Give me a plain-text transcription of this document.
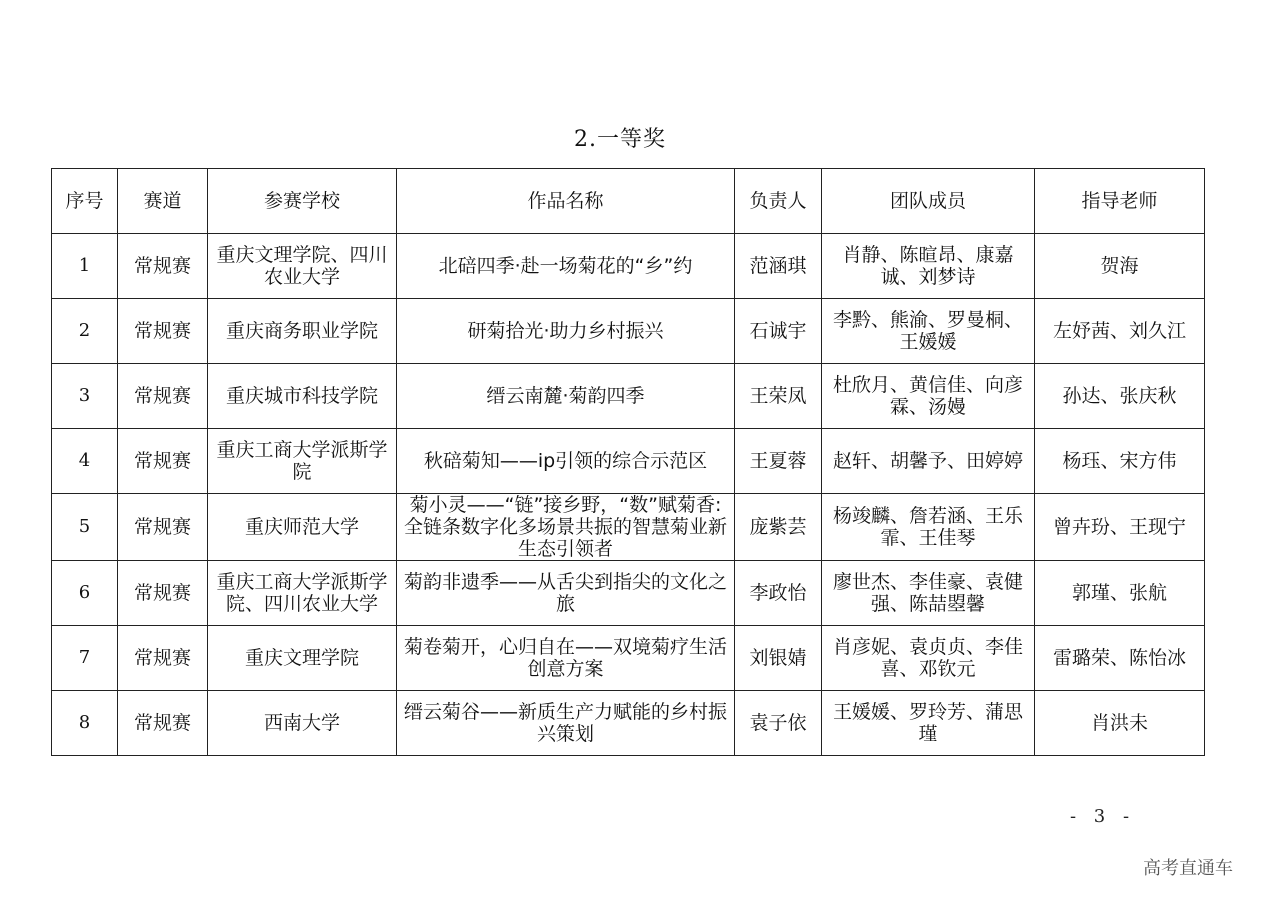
2.一等奖
序号	赛道	参赛学校	作品名称	负责人	团队成员	指导老师
1	常规赛	重庆文理学院、四川农业大学	北碚四季·赴一场菊花的“乡”约	范涵琪	肖静、陈暄昂、康嘉诚、刘梦诗	贺海
2	常规赛	重庆商务职业学院	研菊拾光·助力乡村振兴	石诚宇	李黔、熊渝、罗曼桐、王媛媛	左妤茜、刘久江
3	常规赛	重庆城市科技学院	缙云南麓·菊韵四季	王荣凤	杜欣月、黄信佳、向彦霖、汤嫚	孙达、张庆秋
4	常规赛	重庆工商大学派斯学院	秋碚菊知——ip引领的综合示范区	王夏蓉	赵轩、胡馨予、田婷婷	杨珏、宋方伟
5	常规赛	重庆师范大学	菊小灵——“链”接乡野，“数”赋菊香:全链条数字化多场景共振的智慧菊业新生态引领者	庞紫芸	杨竣麟、詹若涵、王乐霏、王佳琴	曾卉玢、王现宁
6	常规赛	重庆工商大学派斯学院、四川农业大学	菊韵非遗季——从舌尖到指尖的文化之旅	李政怡	廖世杰、李佳豪、袁健强、陈喆曌馨	郭瑾、张航
7	常规赛	重庆文理学院	菊卷菊开，心归自在——双境菊疗生活创意方案	刘银婧	肖彦妮、袁贞贞、李佳喜、邓钦元	雷璐荣、陈怡冰
8	常规赛	西南大学	缙云菊谷——新质生产力赋能的乡村振兴策划	袁子依	王媛媛、罗玲芳、蒲思瑾	肖洪未
- 3 -
高考直通车
